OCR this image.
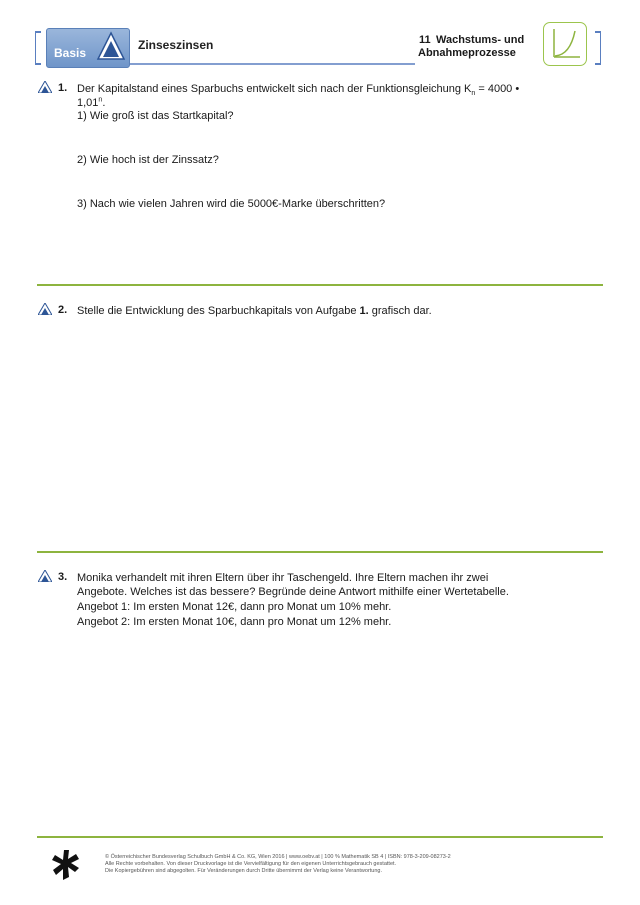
Basis
Zinseszinsen	11 Wachstums- und
Abnahmeprozesse
1. Der Kapitalstand eines Sparbuchs entwickelt sich nach der Funktionsgleichung $K_n = 4000$ •
1,01$^n$.
1) Wie groß ist das Startkapital?
2) Wie hoch ist der Zinssatz?
3) Nach wie vielen Jahren wird die 5000€-Marke überschritten?
2. Stelle die Entwicklung des Sparbuchkapitals von Aufgabe 1. grafisch dar.
3. Monika verhandelt mit ihren Eltern über ihr Taschengeld. Ihre Eltern machen ihr zwei
Angebote. Welches ist das bessere? Begründe deine Antwort mithilfe einer Wertetabelle.
Angebot 1: Im ersten Monat 12€, dann pro Monat um 10% mehr.
Angebot 2: Im ersten Monat 10€, dann pro Monat um 12% mehr.
© Österreichischer Bundesverlag Schulbuch GmbH & Co. KG, Wien 2016 | www.oebv.at | 100 % Mathematik SB 4 | ISBN: 978-3-209-08273-2
Alle Rechte vorbehalten. Von dieser Druckvorlage ist die Vervielfältigung für den eigenen Unterrichtsgebrauch gestattet.
Die Kopiergebühren sind abgegolten. Für Veränderungen durch Dritte übernimmt der Verlag keine Verantwortung.
